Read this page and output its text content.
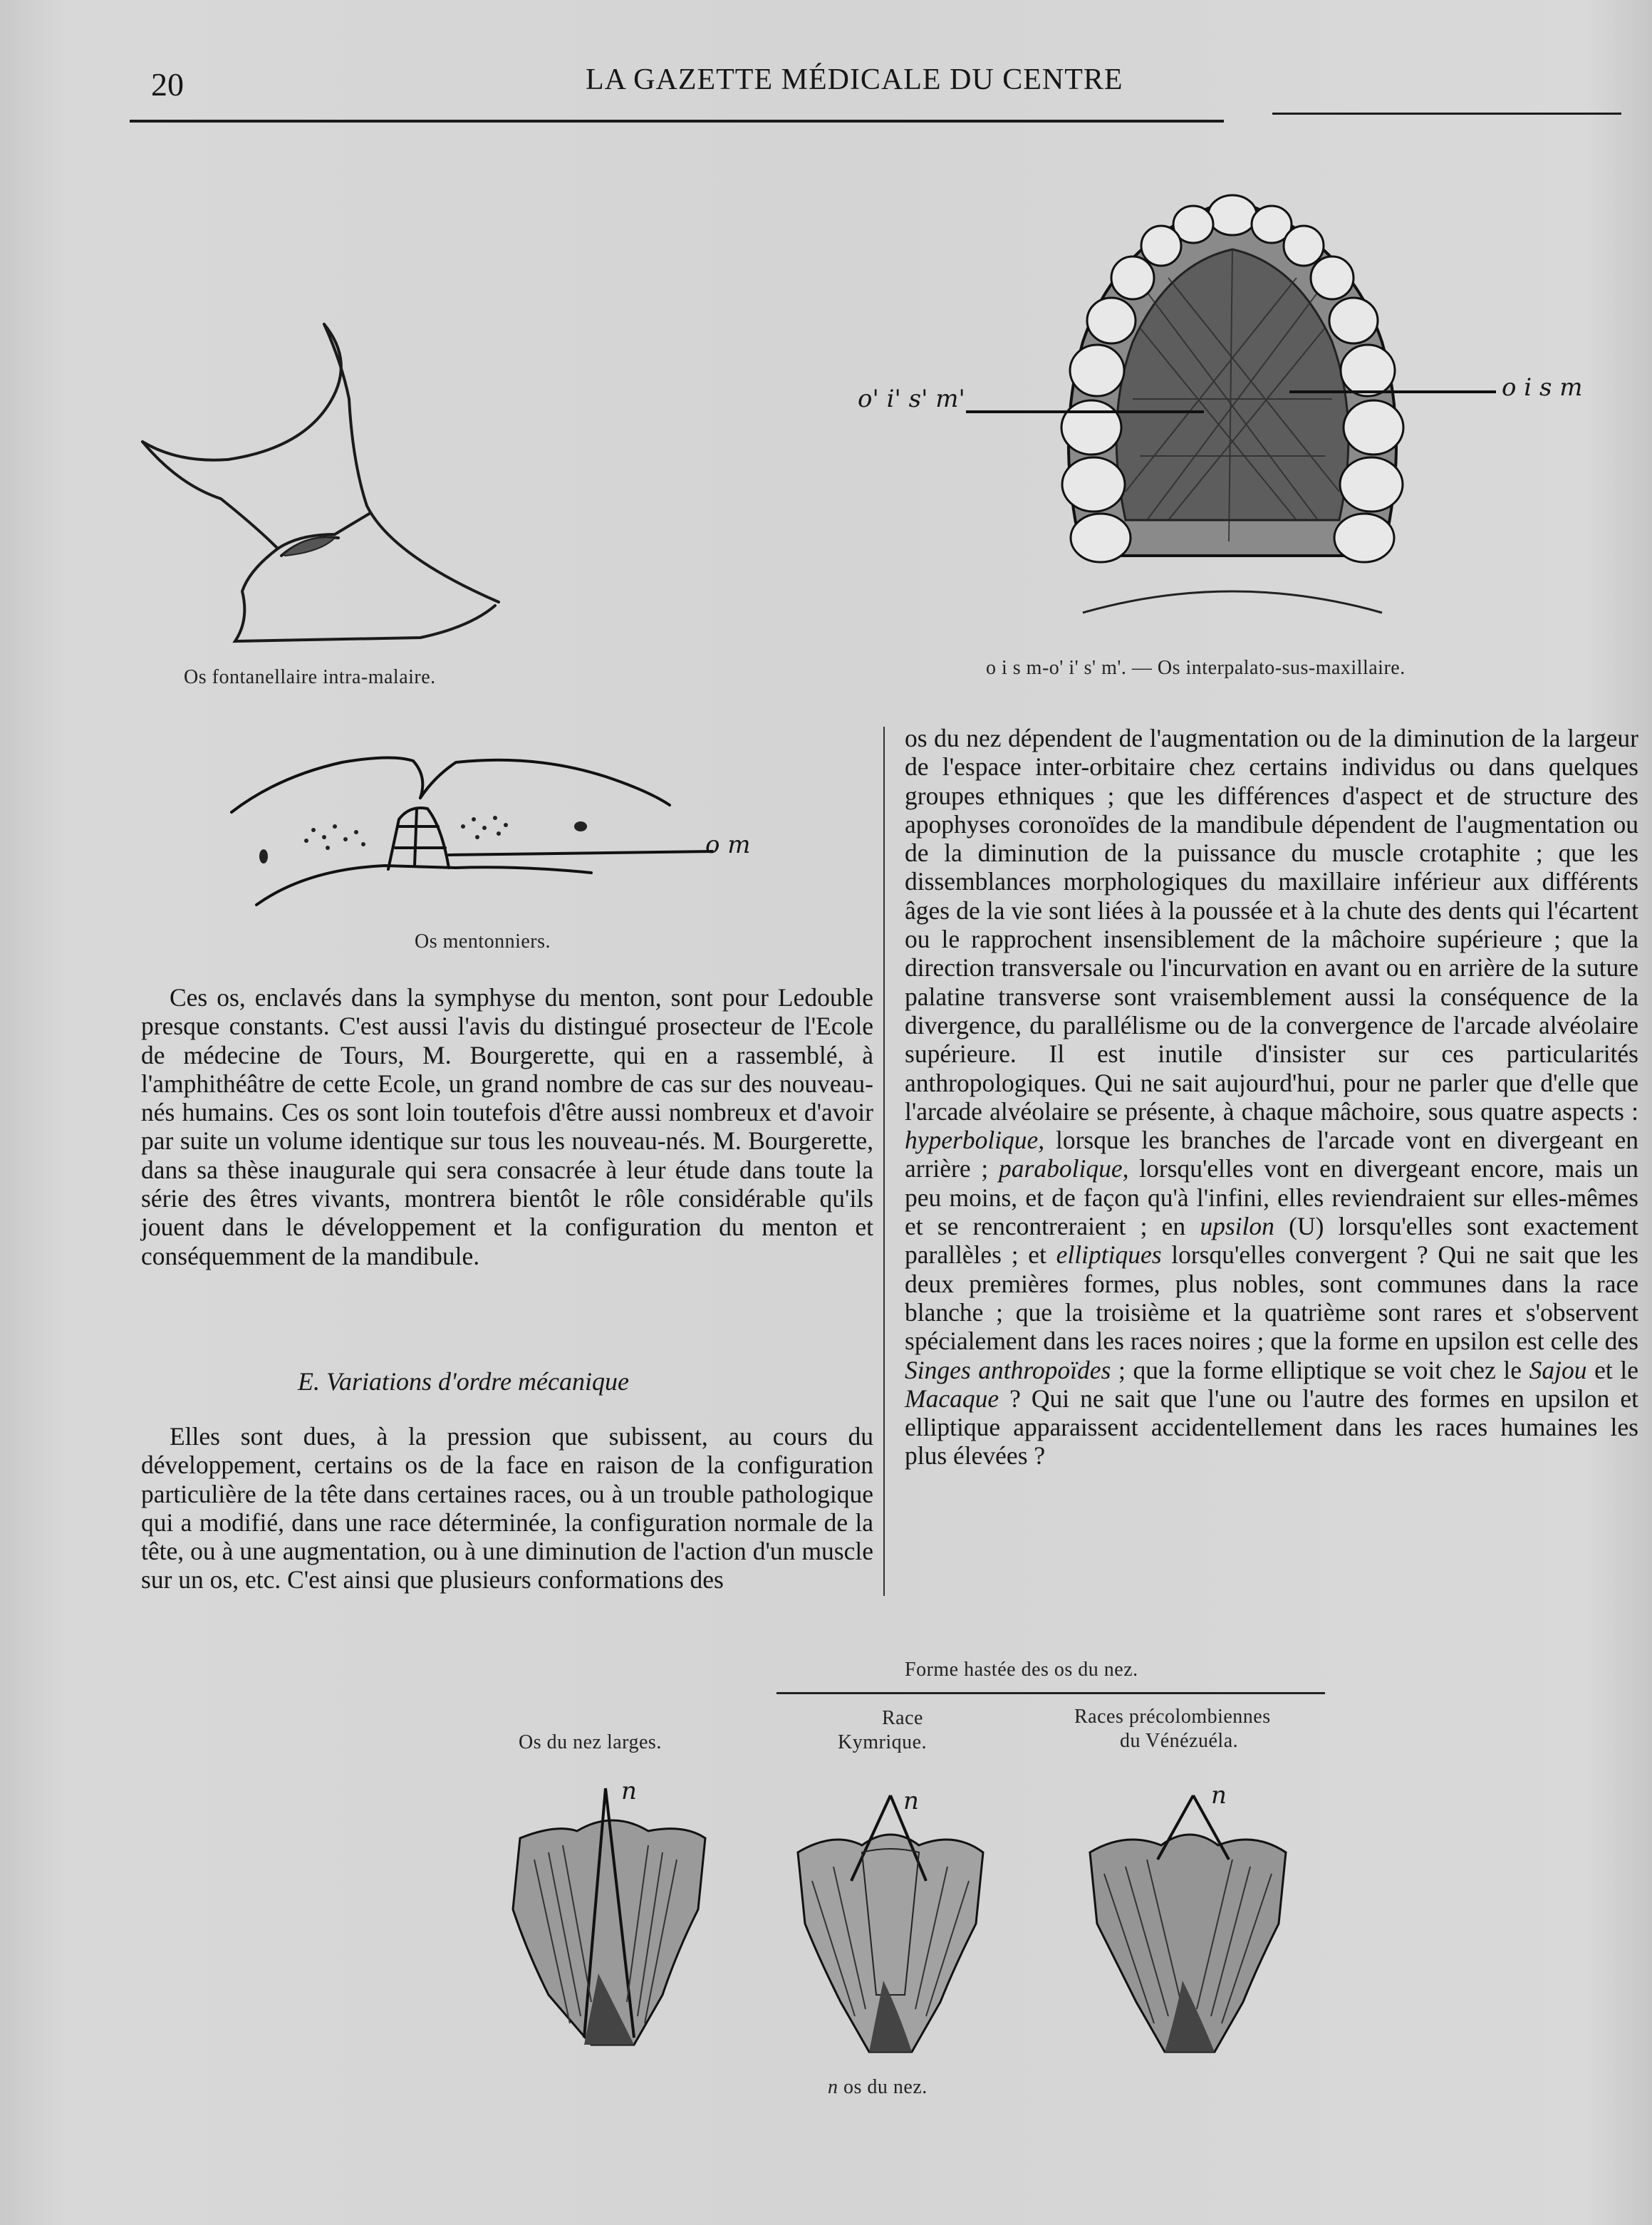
20	LA GAZETTE MÉDICALE DU CENTRE
Os fontanellaire intra-malaire.
o' i' s' m'	o i s m
o i s m-o' i' s' m'. — Os interpalato-sus-maxillaire.
o m
Os mentonniers.

Ces os, enclavés dans la symphyse du menton, sont pour Ledouble presque constants. C'est aussi l'avis du distingué prosecteur de l'Ecole de médecine de Tours, M. Bourgerette, qui en a rassemblé, à l'amphithéâtre de cette Ecole, un grand nombre de cas sur des nouveau-nés humains. Ces os sont loin toutefois d'être aussi nombreux et d'avoir par suite un volume identique sur tous les nouveau-nés. M. Bourgerette, dans sa thèse inaugurale qui sera consacrée à leur étude dans toute la série des êtres vivants, montrera bientôt le rôle considérable qu'ils jouent dans le développement et la configuration du menton et conséquemment de la mandibule.

E. Variations d'ordre mécanique

Elles sont dues, à la pression que subissent, au cours du développement, certains os de la face en raison de la configuration particulière de la tête dans certaines races, ou à un trouble pathologique qui a modifié, dans une race déterminée, la configuration normale de la tête, ou à une augmentation, ou à une diminution de l'action d'un muscle sur un os, etc. C'est ainsi que plusieurs conformations des

os du nez dépendent de l'augmentation ou de la diminution de la largeur de l'espace inter-orbitaire chez certains individus ou dans quelques groupes ethniques ; que les différences d'aspect et de structure des apophyses coronoïdes de la mandibule dépendent de l'augmentation ou de la diminution de la puissance du muscle crotaphite ; que les dissemblances morphologiques du maxillaire inférieur aux différents âges de la vie sont liées à la poussée et à la chute des dents qui l'écartent ou le rapprochent insensiblement de la mâchoire supérieure ; que la direction transversale ou l'incurvation en avant ou en arrière de la suture palatine transverse sont vraisemblement aussi la conséquence de la divergence, du parallélisme ou de la convergence de l'arcade alvéolaire supérieure. Il est inutile d'insister sur ces particularités anthropologiques. Qui ne sait aujourd'hui, pour ne parler que d'elle que l'arcade alvéolaire se présente, à chaque mâchoire, sous quatre aspects : hyperbolique, lorsque les branches de l'arcade vont en divergeant en arrière ; parabolique, lorsqu'elles vont en divergeant encore, mais un peu moins, et de façon qu'à l'infini, elles reviendraient sur elles-mêmes et se rencontreraient ; en upsilon (U) lorsqu'elles sont exactement parallèles ; et elliptiques lorsqu'elles convergent ? Qui ne sait que les deux premières formes, plus nobles, sont communes dans la race blanche ; que la troisième et la quatrième sont rares et s'observent spécialement dans les races noires ; que la forme en upsilon est celle des Singes anthropoïdes ; que la forme elliptique se voit chez le Sajou et le Macaque ? Qui ne sait que l'une ou l'autre des formes en upsilon et elliptique apparaissent accidentellement dans les races humaines les plus élevées ?

Forme hastée des os du nez.
Os du nez larges.
Race
Kymrique.
Races précolombiennes
du Vénézuéla.
n	n	n
n os du nez.
